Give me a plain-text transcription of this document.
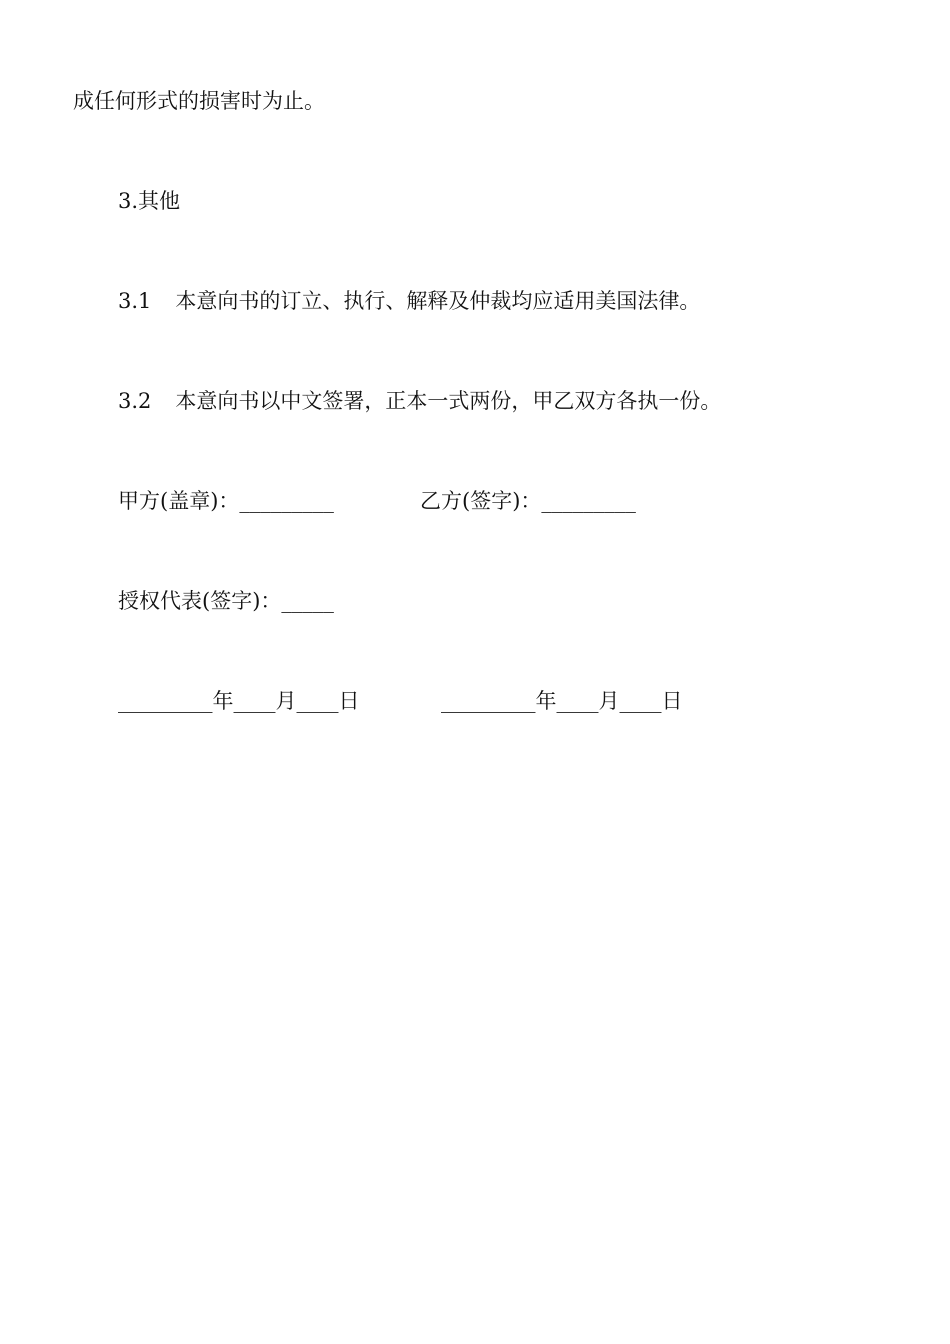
成任何形式的损害时为止。
3.其他
3.1 本意向书的订立、执行、解释及仲裁均应适用美国法律。
3.2 本意向书以中文签署，正本一式两份，甲乙双方各执一份。
甲方(盖章)：_________	乙方(签字)：_________
授权代表(签字)：_____
_________年____月____日	_________年____月____日
